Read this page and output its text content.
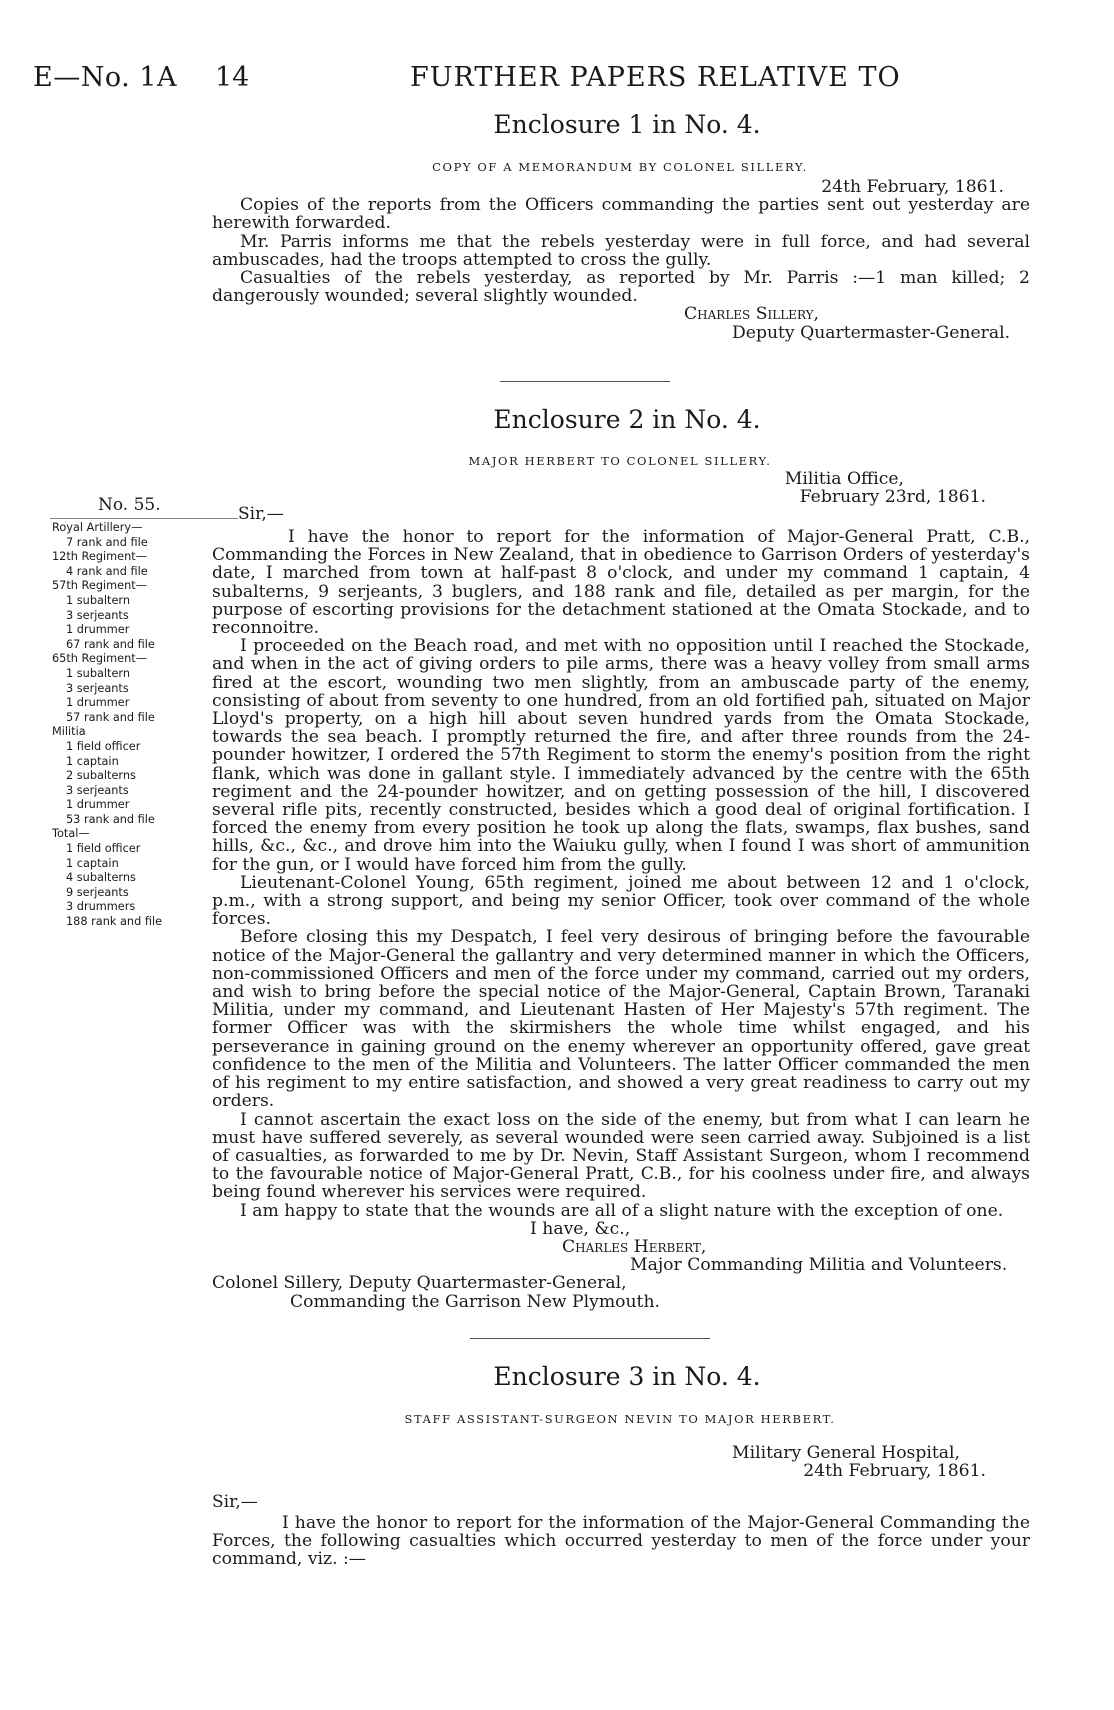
E—No. 1A 14	FURTHER PAPERS RELATIVE TO
Enclosure 1 in No. 4.
COPY OF A MEMORANDUM BY COLONEL SILLERY.
24th February, 1861.

Copies of the reports from the Officers commanding the parties sent out yesterday are herewith forwarded.

Mr. Parris informs me that the rebels yesterday were in full force, and had several ambuscades, had the troops attempted to cross the gully.

Casualties of the rebels yesterday, as reported by Mr. Parris :—1 man killed; 2 dangerously wounded; several slightly wounded.

Charles Sillery,
Deputy Quartermaster-General.
Enclosure 2 in No. 4.
MAJOR HERBERT TO COLONEL SILLERY.
Militia Office,
February 23rd, 1861.
No. 55.
Royal Artillery—
7 rank and file
12th Regiment—
4 rank and file
57th Regiment—
1 subaltern
3 serjeants
1 drummer
67 rank and file
65th Regiment—
1 subaltern
3 serjeants
1 drummer
57 rank and file
Militia
1 field officer
1 captain
2 subalterns
3 serjeants
1 drummer
53 rank and file
Total—
1 field officer
1 captain
4 subalterns
9 serjeants
3 drummers
188 rank and file
Sir,—

I have the honor to report for the information of Major-General Pratt, C.B., Commanding the Forces in New Zealand, that in obedience to Garrison Orders of yesterday's date, I marched from town at half-past 8 o'clock, and under my command 1 captain, 4 subalterns, 9 serjeants, 3 buglers, and 188 rank and file, detailed as per margin, for the purpose of escorting provisions for the detachment stationed at the Omata Stockade, and to reconnoitre.

I proceeded on the Beach road, and met with no opposition until I reached the Stockade, and when in the act of giving orders to pile arms, there was a heavy volley from small arms fired at the escort, wounding two men slightly, from an ambuscade party of the enemy, consisting of about from seventy to one hundred, from an old fortified pah, situated on Major Lloyd's property, on a high hill about seven hundred yards from the Omata Stockade, towards the sea beach. I promptly returned the fire, and after three rounds from the 24-pounder howitzer, I ordered the 57th Regiment to storm the enemy's position from the right flank, which was done in gallant style. I immediately advanced by the centre with the 65th regiment and the 24-pounder howitzer, and on getting possession of the hill, I discovered several rifle pits, recently constructed, besides which a good deal of original fortification. I forced the enemy from every position he took up along the flats, swamps, flax bushes, sand hills, &c., &c., and drove him into the Waiuku gully, when I found I was short of ammunition for the gun, or I would have forced him from the gully.

Lieutenant-Colonel Young, 65th regiment, joined me about between 12 and 1 o'clock, p.m., with a strong support, and being my senior Officer, took over command of the whole forces.

Before closing this my Despatch, I feel very desirous of bringing before the favourable notice of the Major-General the gallantry and very determined manner in which the Officers, non-commissioned Officers and men of the force under my command, carried out my orders, and wish to bring before the special notice of the Major-General, Captain Brown, Taranaki Militia, under my command, and Lieutenant Hasten of Her Majesty's 57th regiment. The former Officer was with the skirmishers the whole time whilst engaged, and his perseverance in gaining ground on the enemy wherever an opportunity offered, gave great confidence to the men of the Militia and Volunteers. The latter Officer commanded the men of his regiment to my entire satisfaction, and showed a very great readiness to carry out my orders.

I cannot ascertain the exact loss on the side of the enemy, but from what I can learn he must have suffered severely, as several wounded were seen carried away. Subjoined is a list of casualties, as forwarded to me by Dr. Nevin, Staff Assistant Surgeon, whom I recommend to the favourable notice of Major-General Pratt, C.B., for his coolness under fire, and always being found wherever his services were required.

I am happy to state that the wounds are all of a slight nature with the exception of one.

I have, &c.,
Charles Herbert,
Major Commanding Militia and Volunteers.
Colonel Sillery, Deputy Quartermaster-General,
Commanding the Garrison New Plymouth.
Enclosure 3 in No. 4.
STAFF ASSISTANT-SURGEON NEVIN TO MAJOR HERBERT.
Military General Hospital,
24th February, 1861.
Sir,—

I have the honor to report for the information of the Major-General Commanding the Forces, the following casualties which occurred yesterday to men of the force under your command, viz. :—
